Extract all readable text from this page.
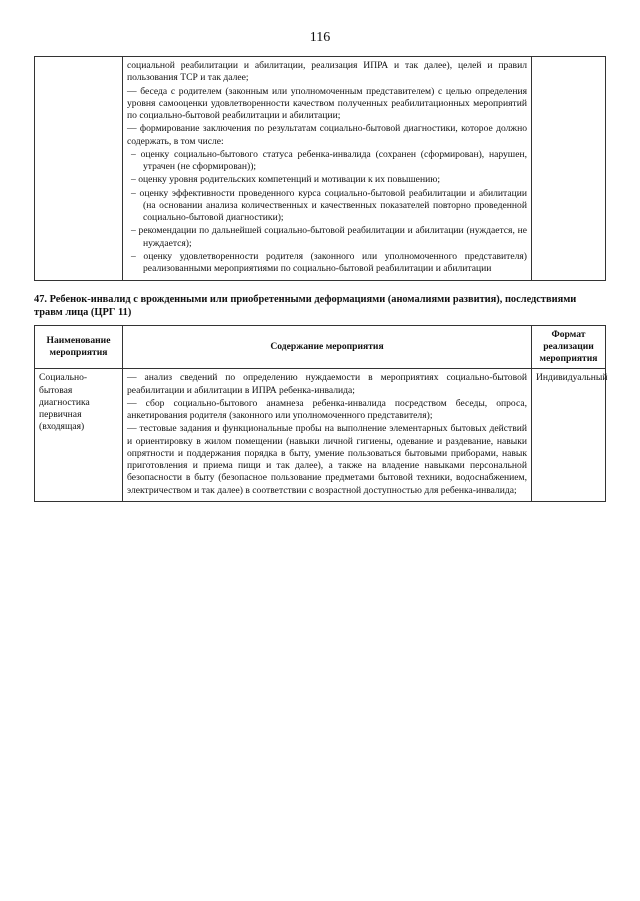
116

социальной реабилитации и абилитации, реализация ИПРА и так далее), целей и правил пользования ТСР и так далее;
— беседа с родителем (законным или уполномоченным представителем) с целью определения уровня самооценки удовлетворенности качеством полученных реабилитационных мероприятий по социально-бытовой реабилитации и абилитации;
— формирование заключения по результатам социально-бытовой диагностики, которое должно содержать, в том числе:
– оценку социально-бытового статуса ребенка-инвалида (сохранен (сформирован), нарушен, утрачен (не сформирован));
– оценку уровня родительских компетенций и мотивации к их повышению;
– оценку эффективности проведенного курса социально-бытовой реабилитации и абилитации (на основании анализа количественных и качественных показателей повторно проведенной социально-бытовой диагностики);
– рекомендации по дальнейшей социально-бытовой реабилитации и абилитации (нуждается, не нуждается);
– оценку удовлетворенности родителя (законного или уполномоченного представителя) реализованными мероприятиями по социально-бытовой реабилитации и абилитации

47. Ребенок-инвалид с врожденными или приобретенными деформациями (аномалиями развития), последствиями травм лица (ЦРГ 11)
Наименование мероприятия	Содержание мероприятия	Формат реализации мероприятия
Социально-бытовая диагностика первичная (входящая)	— анализ сведений по определению нуждаемости в мероприятиях социально-бытовой реабилитации и абилитации в ИПРА ребенка-инвалида;
— сбор социально-бытового анамнеза ребенка-инвалида посредством беседы, опроса, анкетирования родителя (законного или уполномоченного представителя);
— тестовые задания и функциональные пробы на выполнение элементарных бытовых действий и ориентировку в жилом помещении (навыки личной гигиены, одевание и раздевание, навыки опрятности и поддержания порядка в быту, умение пользоваться бытовыми приборами, навык приготовления и приема пищи и так далее), а также на владение навыками персональной безопасности в быту (безопасное пользование предметами бытовой техники, водоснабжением, электричеством и так далее) в соответствии с возрастной доступностью для ребенка-инвалида;	Индивидуальный
